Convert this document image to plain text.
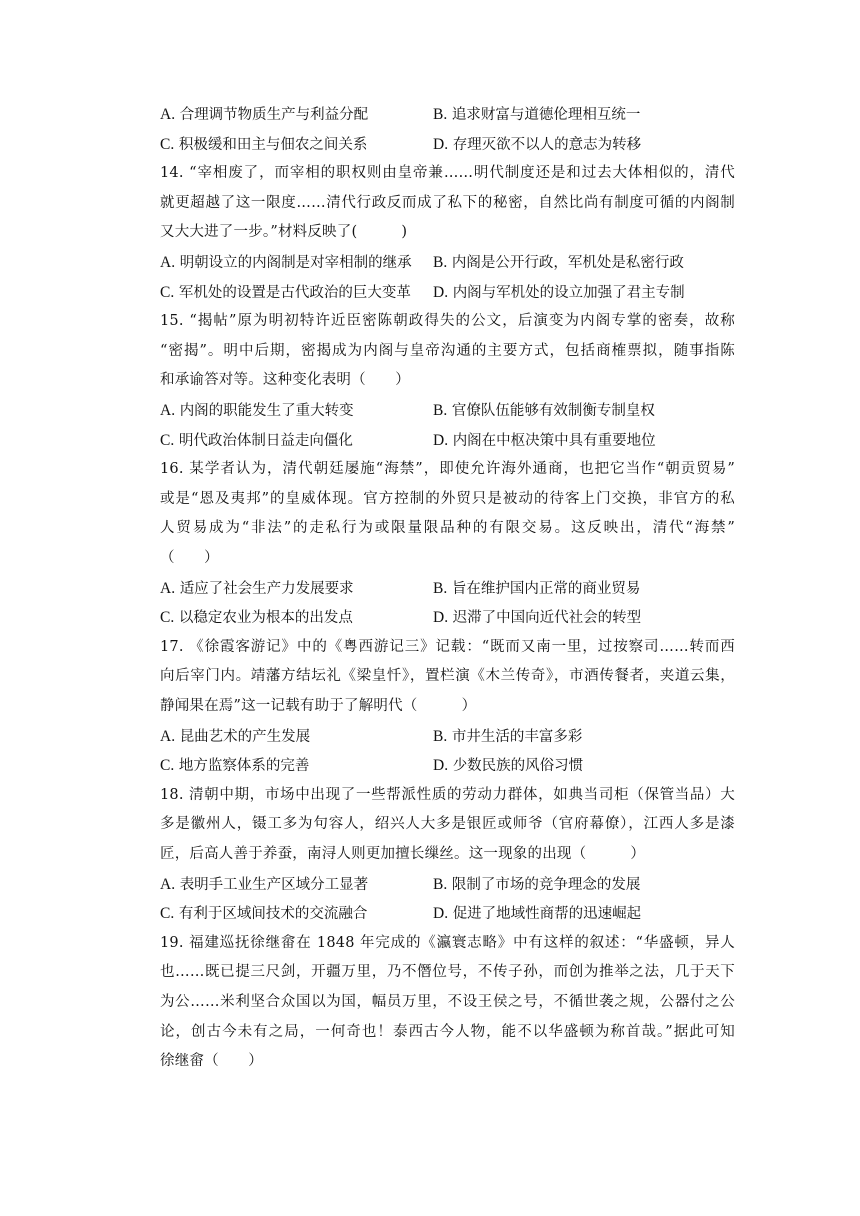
A. 合理调节物质生产与利益分配	B. 追求财富与道德伦理相互统一
C. 积极缓和田主与佃农之间关系	D. 存理灭欲不以人的意志为转移
14. “宰相废了，而宰相的职权则由皇帝兼……明代制度还是和过去大体相似的，清代
就更超越了这一限度……清代行政反而成了私下的秘密，自然比尚有制度可循的内阁制
又大大进了一步。”材料反映了(　　　)
A. 明朝设立的内阁制是对宰相制的继承	B. 内阁是公开行政，军机处是私密行政
C. 军机处的设置是古代政治的巨大变革	D. 内阁与军机处的设立加强了君主专制
15. “揭帖”原为明初特许近臣密陈朝政得失的公文，后演变为内阁专掌的密奏，故称
“密揭”。明中后期，密揭成为内阁与皇帝沟通的主要方式，包括商榷票拟，随事指陈
和承谕答对等。这种变化表明（　　）
A. 内阁的职能发生了重大转变	B. 官僚队伍能够有效制衡专制皇权
C. 明代政治体制日益走向僵化	D. 内阁在中枢决策中具有重要地位
16. 某学者认为，清代朝廷屡施“海禁”，即使允许海外通商，也把它当作“朝贡贸易”
或是“恩及夷邦”的皇威体现。官方控制的外贸只是被动的待客上门交换，非官方的私
人贸易成为“非法”的走私行为或限量限品种的有限交易。这反映出，清代“海禁”
（　　）
A. 适应了社会生产力发展要求	B. 旨在维护国内正常的商业贸易
C. 以稳定农业为根本的出发点	D. 迟滞了中国向近代社会的转型
17. 《徐霞客游记》中的《粤西游记三》记载：“既而又南一里，过按察司……转而西
向后宰门内。靖藩方结坛礼《梁皇忏》，置栏演《木兰传奇》，市酒传餐者，夹道云集，
静闻果在焉”这一记载有助于了解明代（　　　）
A. 昆曲艺术的产生发展	B. 市井生活的丰富多彩
C. 地方监察体系的完善	D. 少数民族的风俗习惯
18. 清朝中期，市场中出现了一些帮派性质的劳动力群体，如典当司柜（保管当品）大
多是徽州人，镊工多为句容人，绍兴人大多是银匠或师爷（官府幕僚），江西人多是漆
匠，后高人善于养蚕，南浔人则更加擅长缫丝。这一现象的出现（　　　）
A. 表明手工业生产区域分工显著	B. 限制了市场的竞争理念的发展
C. 有利于区域间技术的交流融合	D. 促进了地域性商帮的迅速崛起
19. 福建巡抚徐继畲在 1848 年完成的《瀛寰志略》中有这样的叙述：“华盛顿，异人
也……既已提三尺剑，开疆万里，乃不僭位号，不传子孙，而创为推举之法，几于天下
为公……米利坚合众国以为国，幅员万里，不设王侯之号，不循世袭之规，公器付之公
论，创古今未有之局，一何奇也！泰西古今人物，能不以华盛顿为称首哉。”据此可知
徐继畲（　　）
